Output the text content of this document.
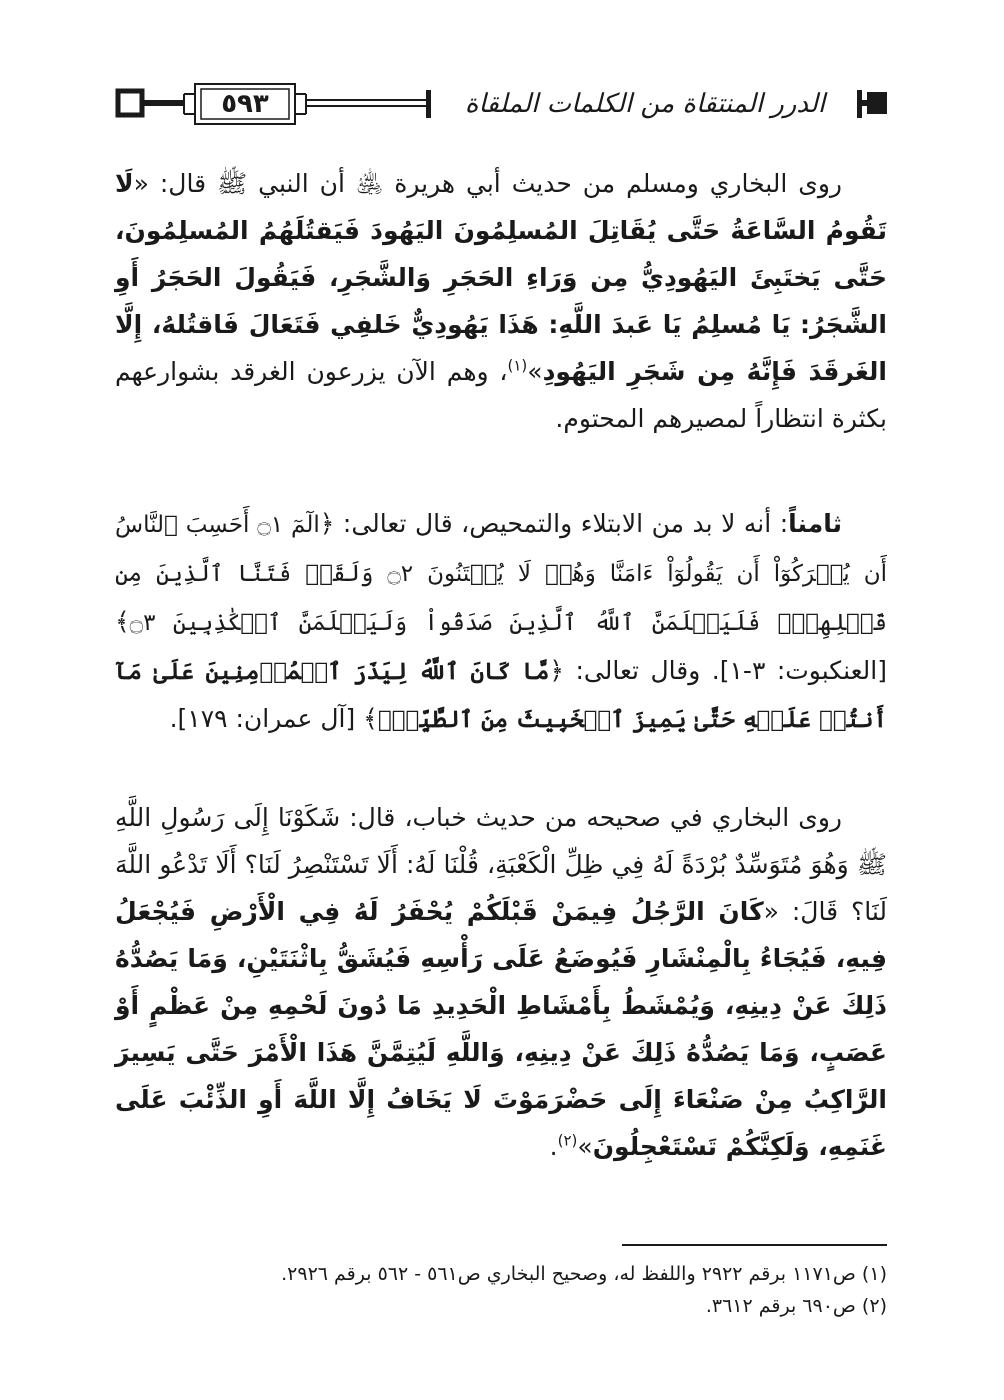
٥٩٣	الدرر المنتقاة من الكلمات الملقاة

روى البخاري ومسلم من حديث أبي هريرة ﵁ أن النبي ﷺ قال: «لَا تَقُومُ السَّاعَةُ حَتَّى يُقَاتِلَ المُسلِمُونَ اليَهُودَ فَيَقتُلَهُمُ المُسلِمُونَ، حَتَّى يَختَبِئَ اليَهُودِيُّ مِن وَرَاءِ الحَجَرِ وَالشَّجَرِ، فَيَقُولَ الحَجَرُ أَوِ الشَّجَرُ: يَا مُسلِمُ يَا عَبدَ اللَّهِ: هَذَا يَهُودِيٌّ خَلفِي فَتَعَالَ فَاقتُلهُ، إِلَّا الغَرقَدَ فَإِنَّهُ مِن شَجَرِ اليَهُودِ»$^{(١)}$، وهم الآن يزرعون الغرقد بشوارعهم بكثرة انتظاراً لمصيرهم المحتوم.

ثامناً: أنه لا بد من الابتلاء والتمحيص، قال تعالى: ﴿الٓمٓ ۝١ أَحَسِبَ ٱلنَّاسُ أَن يُتۡرَكُوٓاْ أَن يَقُولُوٓاْ ءَامَنَّا وَهُمۡ لَا يُفۡتَنُونَ ۝٢ وَلَقَدۡ فَتَنَّا ٱلَّذِينَ مِن قَبۡلِهِمۡۖ فَلَيَعۡلَمَنَّ ٱللَّهُ ٱلَّذِينَ صَدَقُواْ وَلَيَعۡلَمَنَّ ٱلۡكَٰذِبِينَ ۝٣﴾ [العنكبوت: ٣-١]. وقال تعالى: ﴿مَّا كَانَ ٱللَّهُ لِيَذَرَ ٱلۡمُؤۡمِنِينَ عَلَىٰ مَآ أَنتُمۡ عَلَيۡهِ حَتَّىٰ يَمِيزَ ٱلۡخَبِيثَ مِنَ ٱلطَّيِّبِۗ﴾ [آل عمران: ١٧٩].

روى البخاري في صحيحه من حديث خباب، قال: شَكَوْنَا إِلَى رَسُولِ اللَّهِ ﷺ وَهُوَ مُتَوَسِّدٌ بُرْدَةً لَهُ فِي ظِلِّ الْكَعْبَةِ، قُلْنَا لَهُ: أَلَا تَسْتَنْصِرُ لَنَا؟ أَلَا تَدْعُو اللَّهَ لَنَا؟ قَالَ: «كَانَ الرَّجُلُ فِيمَنْ قَبْلَكُمْ يُحْفَرُ لَهُ فِي الْأَرْضِ فَيُجْعَلُ فِيهِ، فَيُجَاءُ بِالْمِنْشَارِ فَيُوضَعُ عَلَى رَأْسِهِ فَيُشَقُّ بِاثْنَتَيْنِ، وَمَا يَصُدُّهُ ذَلِكَ عَنْ دِينِهِ، وَيُمْشَطُ بِأَمْشَاطِ الْحَدِيدِ مَا دُونَ لَحْمِهِ مِنْ عَظْمٍ أَوْ عَصَبٍ، وَمَا يَصُدُّهُ ذَلِكَ عَنْ دِينِهِ، وَاللَّهِ لَيُتِمَّنَّ هَذَا الْأَمْرَ حَتَّى يَسِيرَ الرَّاكِبُ مِنْ صَنْعَاءَ إِلَى حَضْرَمَوْتَ لَا يَخَافُ إِلَّا اللَّهَ أَوِ الذِّئْبَ عَلَى غَنَمِهِ، وَلَكِنَّكُمْ تَسْتَعْجِلُونَ»$^{(٢)}$.

(١) ص١١٧١ برقم ٢٩٢٢ واللفظ له، وصحيح البخاري ص٥٦١ - ٥٦٢ برقم ٢٩٢٦.
(٢) ص٦٩٠ برقم ٣٦١٢.
